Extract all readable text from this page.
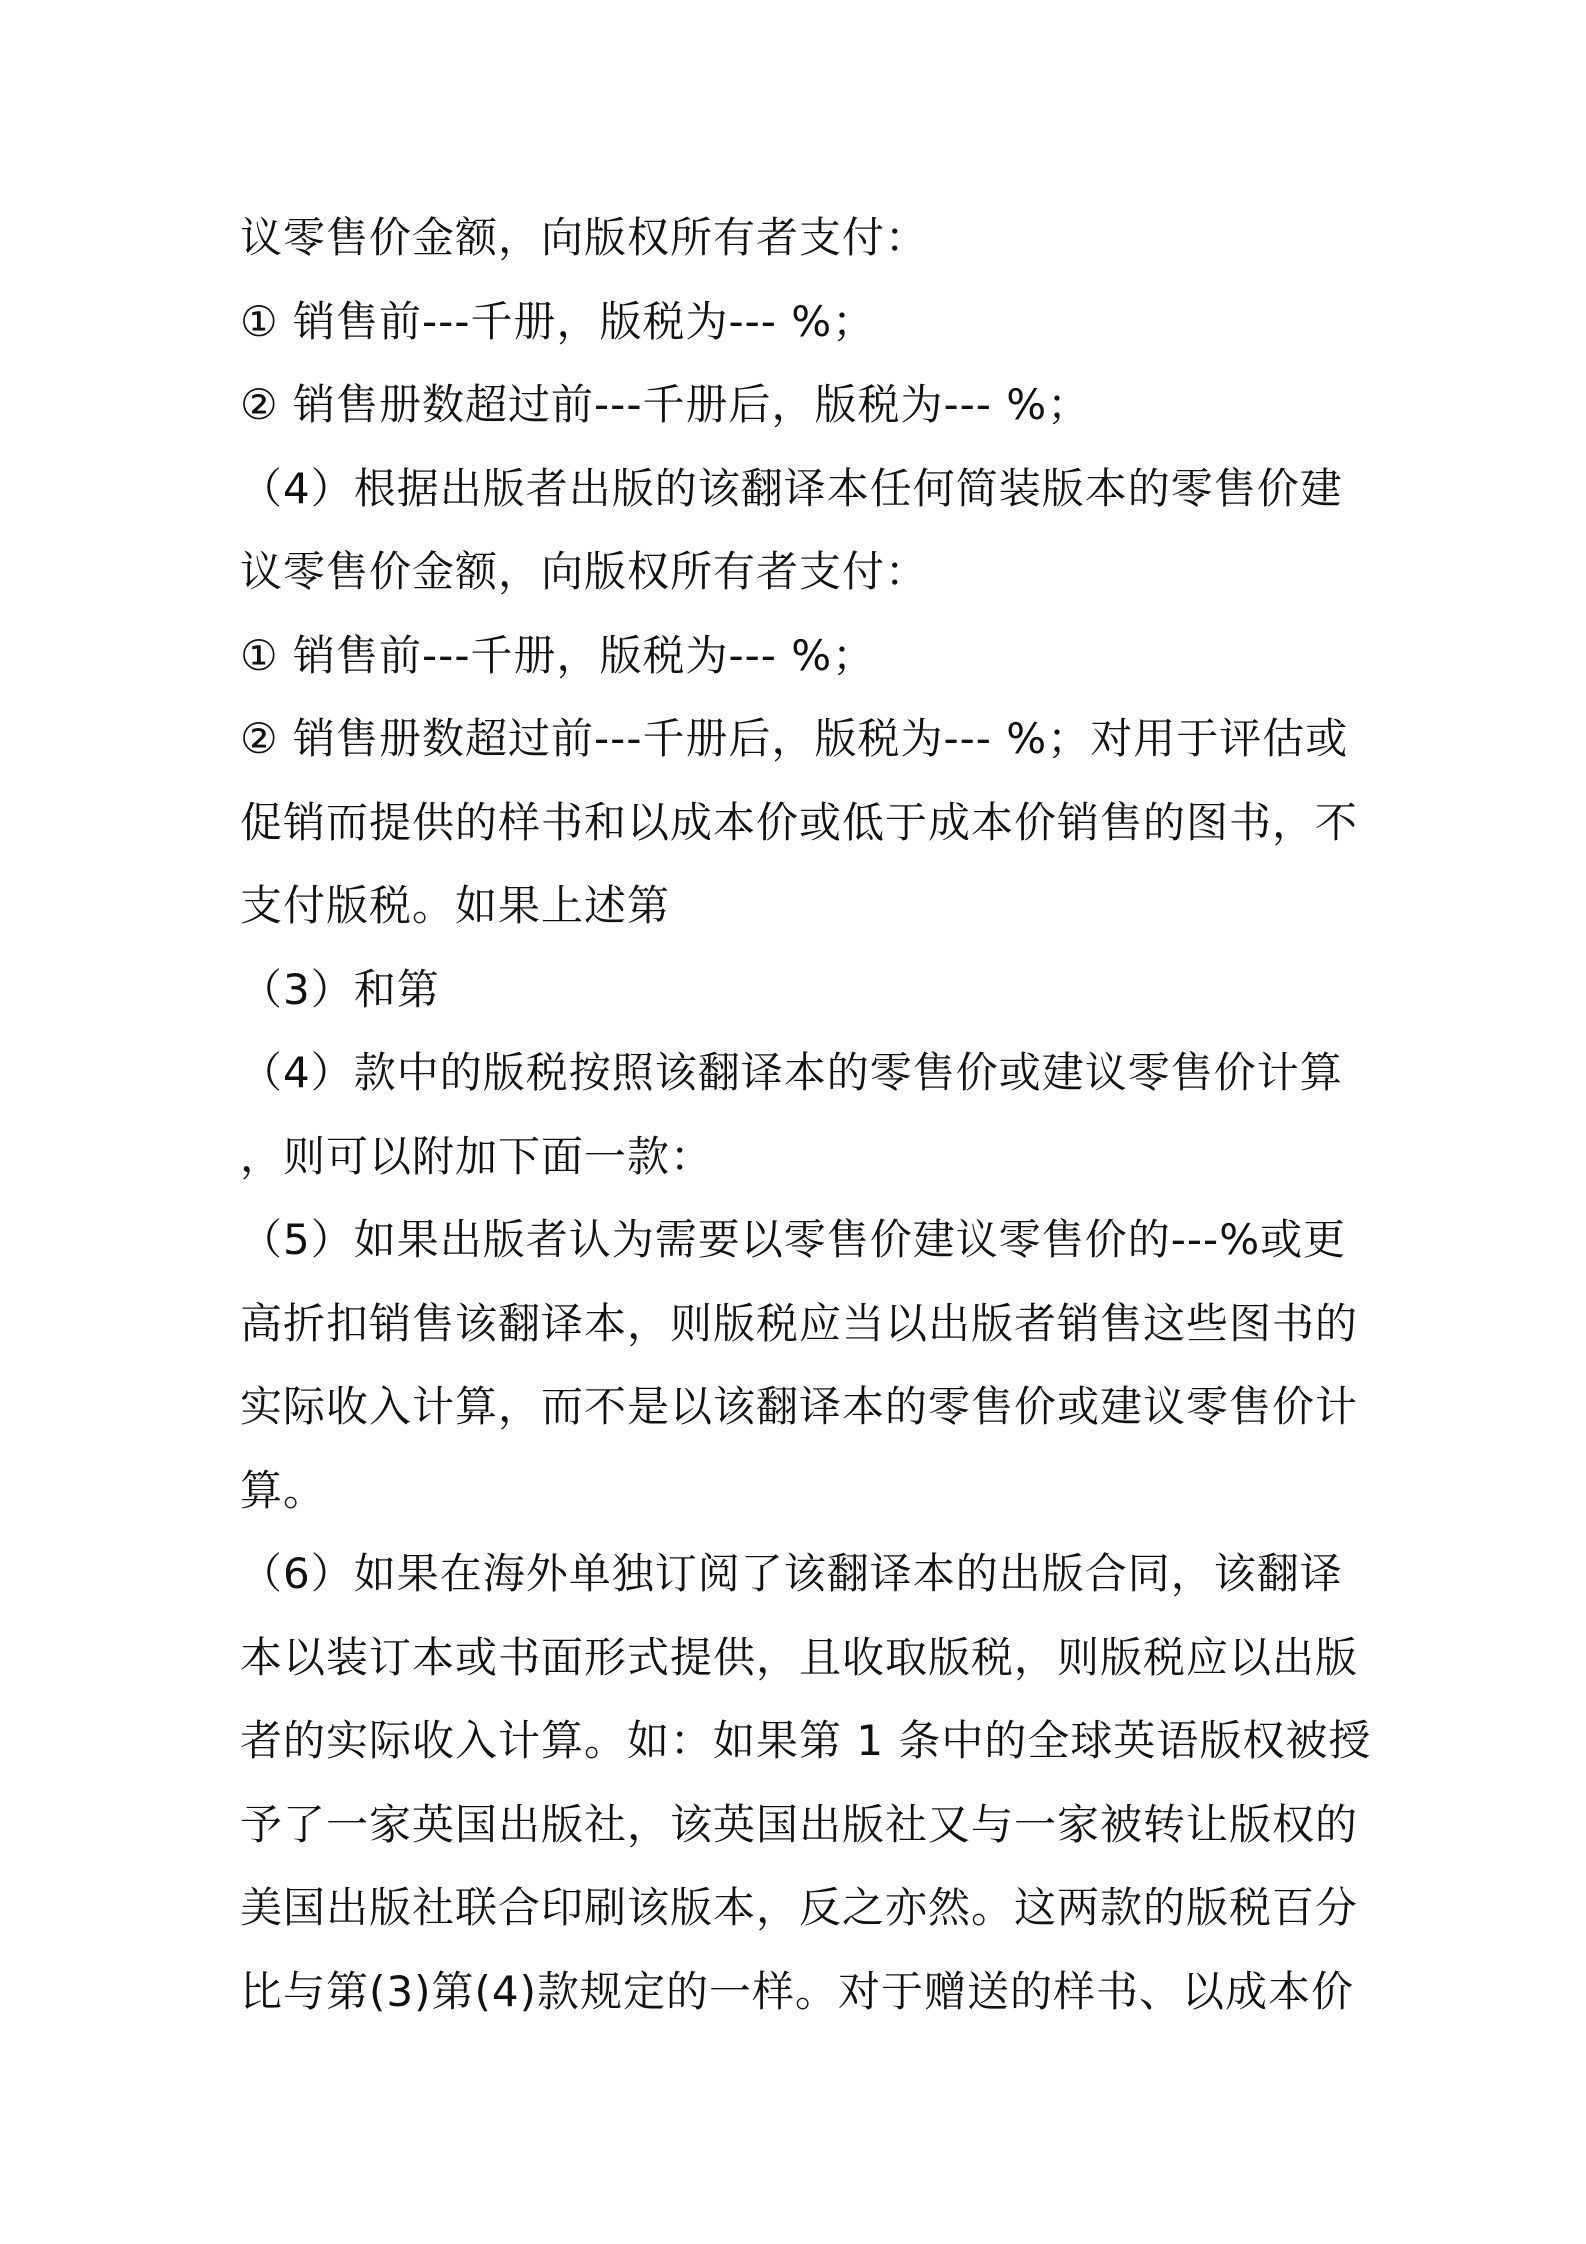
议零售价金额，向版权所有者支付：
① 销售前---千册，版税为--- %；
② 销售册数超过前---千册后，版税为--- %；
（4）根据出版者出版的该翻译本任何简装版本的零售价建
议零售价金额，向版权所有者支付：
① 销售前---千册，版税为--- %；
② 销售册数超过前---千册后，版税为--- %；对用于评估或
促销而提供的样书和以成本价或低于成本价销售的图书，不
支付版税。如果上述第
（3）和第
（4）款中的版税按照该翻译本的零售价或建议零售价计算
，则可以附加下面一款：
（5）如果出版者认为需要以零售价建议零售价的---%或更
高折扣销售该翻译本，则版税应当以出版者销售这些图书的
实际收入计算，而不是以该翻译本的零售价或建议零售价计
算。
（6）如果在海外单独订阅了该翻译本的出版合同，该翻译
本以装订本或书面形式提供，且收取版税，则版税应以出版
者的实际收入计算。如：如果第 1 条中的全球英语版权被授
予了一家英国出版社，该英国出版社又与一家被转让版权的
美国出版社联合印刷该版本，反之亦然。这两款的版税百分
比与第(3)第(4)款规定的一样。对于赠送的样书、以成本价
